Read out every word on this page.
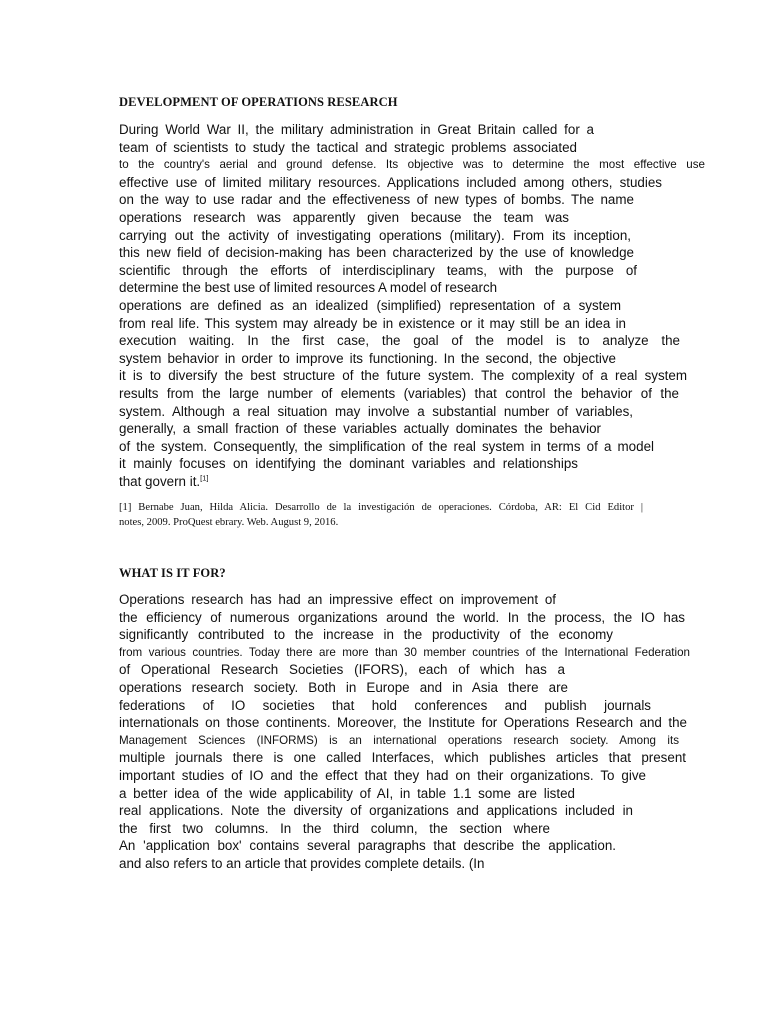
DEVELOPMENT OF OPERATIONS RESEARCH
During World War II, the military administration in Great Britain called for a
team of scientists to study the tactical and strategic problems associated
to the country's aerial and ground defense. Its objective was to determine the most effective use
effective use of limited military resources. Applications included among others, studies
on the way to use radar and the effectiveness of new types of bombs. The name
operations research was apparently given because the team was
carrying out the activity of investigating operations (military). From its inception,
this new field of decision-making has been characterized by the use of knowledge
scientific through the efforts of interdisciplinary teams, with the purpose of
determine the best use of limited resources A model of research
operations are defined as an idealized (simplified) representation of a system
from real life. This system may already be in existence or it may still be an idea in
execution waiting. In the first case, the goal of the model is to analyze the
system behavior in order to improve its functioning. In the second, the objective
it is to diversify the best structure of the future system. The complexity of a real system
results from the large number of elements (variables) that control the behavior of the
system. Although a real situation may involve a substantial number of variables,
generally, a small fraction of these variables actually dominates the behavior
of the system. Consequently, the simplification of the real system in terms of a model
it mainly focuses on identifying the dominant variables and relationships
that govern it.[1]
[1] Bernabe Juan, Hilda Alicia. Desarrollo de la investigación de operaciones. Córdoba, AR: El Cid Editor |
notes, 2009. ProQuest ebrary. Web. August 9, 2016.
WHAT IS IT FOR?
Operations research has had an impressive effect on improvement of
the efficiency of numerous organizations around the world. In the process, the IO has
significantly contributed to the increase in the productivity of the economy
from various countries. Today there are more than 30 member countries of the International Federation
of Operational Research Societies (IFORS), each of which has a
operations research society. Both in Europe and in Asia there are
federations of IO societies that hold conferences and publish journals
internationals on those continents. Moreover, the Institute for Operations Research and the
Management Sciences (INFORMS) is an international operations research society. Among its
multiple journals there is one called Interfaces, which publishes articles that present
important studies of IO and the effect that they had on their organizations. To give
a better idea of the wide applicability of AI, in table 1.1 some are listed
real applications. Note the diversity of organizations and applications included in
the first two columns. In the third column, the section where
An 'application box' contains several paragraphs that describe the application.
and also refers to an article that provides complete details. (In
